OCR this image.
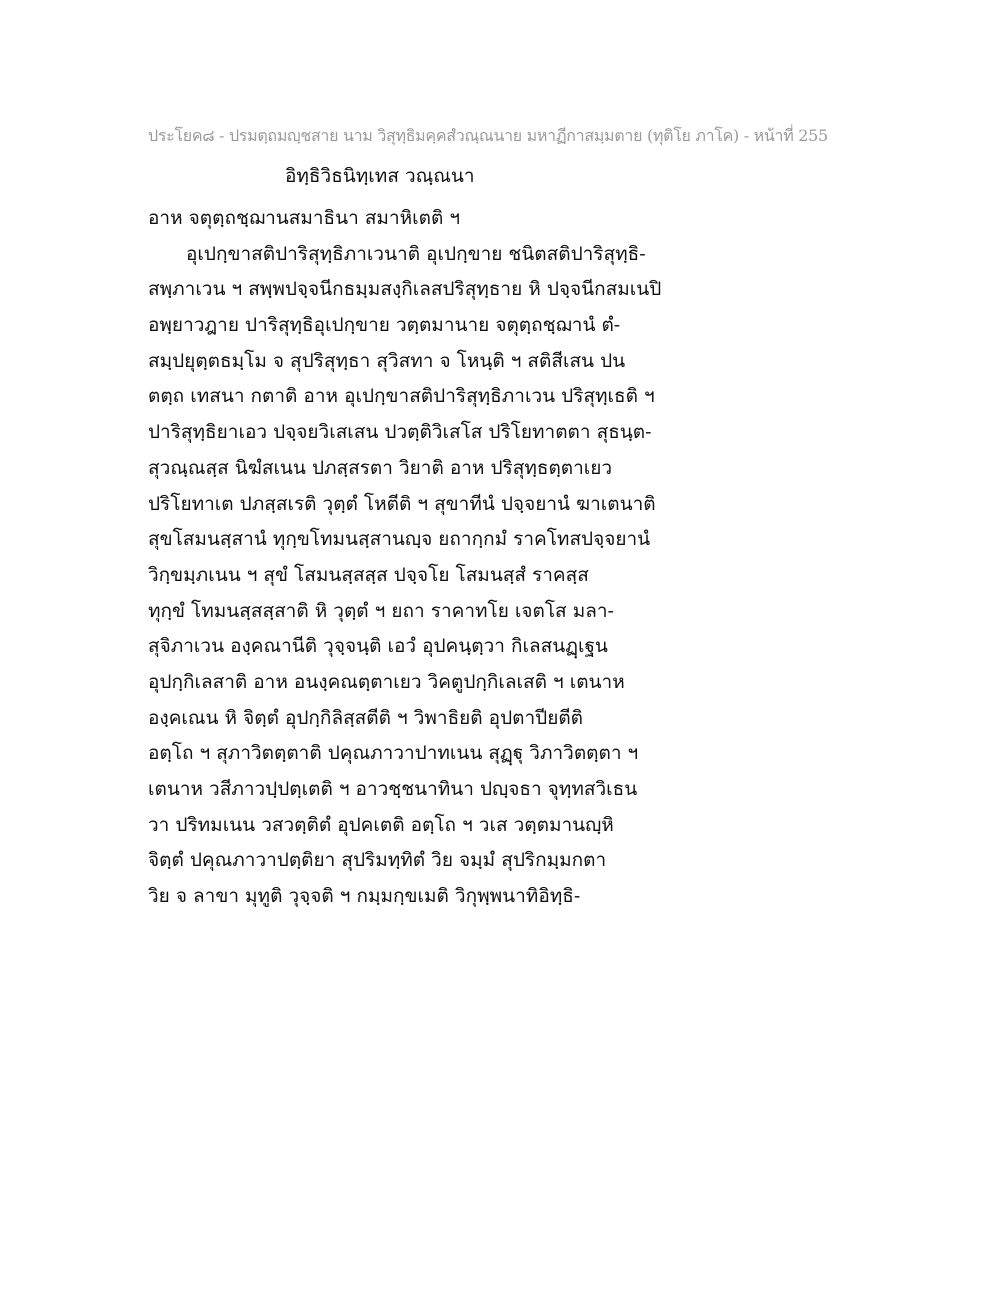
ประโยค๘ - ปรมตฺถมญฺชสาย นาม วิสุทฺธิมคฺคสํวณฺณนาย มหาฏีกาสมฺมตาย (ทุติโย ภาโค) - หน้าที่ 255
อิทฺธิวิธนิทฺเทส วณฺณนา
อาห จตุตฺถชฺฌานสมาธินา สมาหิเตติ ฯ
อุเปกฺขาสติปาริสุทฺธิภาเวนาติ อุเปกฺขาย ชนิตสติปาริสุทฺธิ-
สพฺภาเวน ฯ สพฺพปจฺจนีกธมฺมสงฺกิเลสปริสุทฺธาย หิ ปจฺจนีกสมเนปิ
อพฺยาวฎาย ปาริสุทฺธิอุเปกฺขาย วตฺตมานาย จตุตฺถชฺฌานํ ตํ-
สมฺปยุตฺตธมฺโม จ สุปริสุทฺธา สุวิสทา จ โหนฺติ ฯ สติสีเสน ปน
ตตฺถ เทสนา กตาติ อาห อุเปกฺขาสติปาริสุทฺธิภาเวน ปริสุทฺเธติ ฯ
ปาริสุทฺธิยาเอว ปจฺจยวิเสเสน ปวตฺติวิเสโส ปริโยทาตตา สุธนฺต-
สุวณฺณสฺส นิฆํสเนน ปภสฺสรตา วิยาติ อาห ปริสุทฺธตฺตาเยว
ปริโยทาเต ปภสฺสเรติ วุตฺตํ โหตีติ ฯ สุขาทีนํ ปจฺจยานํ ฆาเตนาติ
สุขโสมนสฺสานํ ทุกฺขโทมนสฺสานญฺจ ยถากฺกมํ ราคโทสปจฺจยานํ
วิกฺขมฺภเนน ฯ สุขํ โสมนสฺสสฺส ปจฺจโย โสมนสฺสํ ราคสฺส
ทุกฺขํ โทมนสฺสสฺสาติ หิ วุตฺตํ ฯ ยถา ราคาทโย เจตโส มลา-
สุจิภาเวน องฺคณานีติ วุจฺจนฺติ เอวํ อุปคนฺตฺวา กิเลสนฏฺเฐน
อุปกฺกิเลสาติ อาห อนงฺคณตฺตาเยว วิคตูปกฺกิเลเสติ ฯ เตนาห
องฺคเณน หิ จิตฺตํ อุปกฺกิลิสฺสตีติ ฯ วิพาธิยติ อุปตาปียตีติ
อตฺโถ ฯ สุภาวิตตฺตาติ ปคุณภาวาปาทเนน สุฏฺฐุ วิภาวิตตฺตา ฯ
เตนาห วสีภาวปฺปตฺเตติ ฯ อาวชฺชนาทินา ปญฺจธา จุทฺทสวิเธน
วา ปริทมเนน วสวตฺติตํ อุปคเตติ อตฺโถ ฯ วเส วตฺตมานญฺหิ
จิตฺตํ ปคุณภาวาปตฺติยา สุปริมทฺทิตํ วิย จมฺมํ สุปริกมฺมกตา
วิย จ ลาขา มุทูติ วุจฺจติ ฯ กมฺมกฺขเมติ วิกุพฺพนาทิอิทฺธิ-
